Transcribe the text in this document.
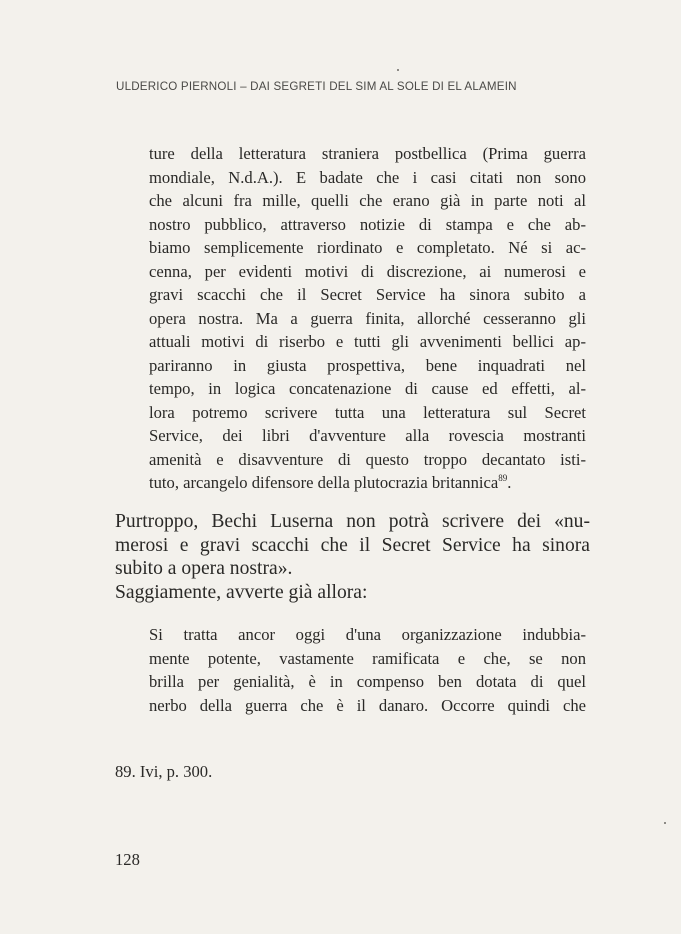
ULDERICO PIERNOLI – DAI SEGRETI DEL SIM AL SOLE DI EL ALAMEIN
ture della letteratura straniera postbellica (Prima guerra
mondiale, N.d.A.). E badate che i casi citati non sono
che alcuni fra mille, quelli che erano già in parte noti al
nostro pubblico, attraverso notizie di stampa e che ab-
biamo semplicemente riordinato e completato. Né si ac-
cenna, per evidenti motivi di discrezione, ai numerosi e
gravi scacchi che il Secret Service ha sinora subito a
opera nostra. Ma a guerra finita, allorché cesseranno gli
attuali motivi di riserbo e tutti gli avvenimenti bellici ap-
pariranno in giusta prospettiva, bene inquadrati nel
tempo, in logica concatenazione di cause ed effetti, al-
lora potremo scrivere tutta una letteratura sul Secret
Service, dei libri d'avventure alla rovescia mostranti
amenità e disavventure di questo troppo decantato isti-
tuto, arcangelo difensore della plutocrazia britannica$^{89}$.
Purtroppo, Bechi Luserna non potrà scrivere dei «nu-
merosi e gravi scacchi che il Secret Service ha sinora
subito a opera nostra».
Saggiamente, avverte già allora:
Si tratta ancor oggi d'una organizzazione indubbia-
mente potente, vastamente ramificata e che, se non
brilla per genialità, è in compenso ben dotata di quel
nerbo della guerra che è il danaro. Occorre quindi che
89. Ivi, p. 300.
128
